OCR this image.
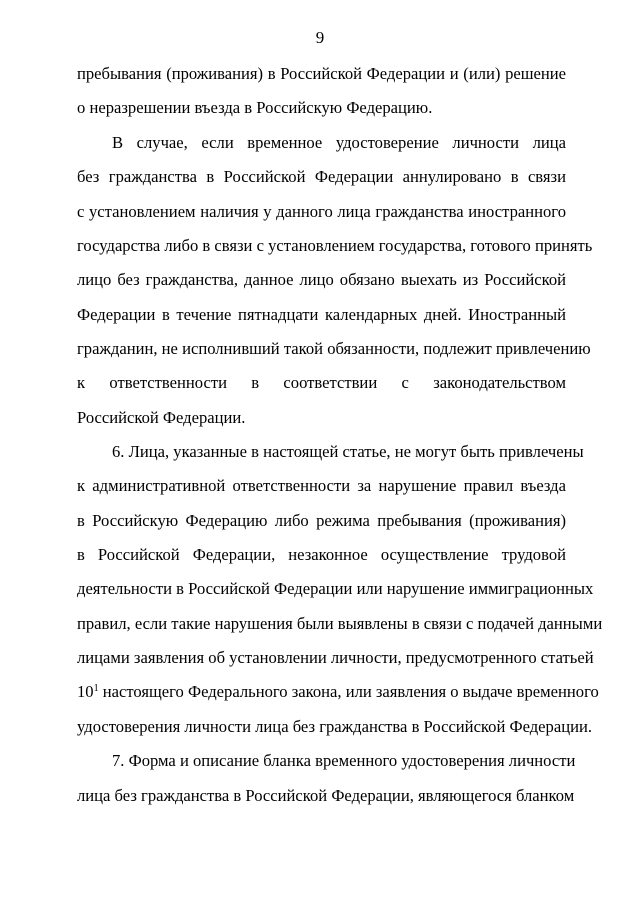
9
пребывания (проживания) в Российской Федерации и (или) решение
о неразрешении въезда в Российскую Федерацию.
В случае, если временное удостоверение личности лица
без гражданства в Российской Федерации аннулировано в связи
с установлением наличия у данного лица гражданства иностранного
государства либо в связи с установлением государства, готового принять
лицо без гражданства, данное лицо обязано выехать из Российской
Федерации в течение пятнадцати календарных дней. Иностранный
гражданин, не исполнивший такой обязанности, подлежит привлечению
к ответственности в соответствии с законодательством
Российской Федерации.
6. Лица, указанные в настоящей статье, не могут быть привлечены
к административной ответственности за нарушение правил въезда
в Российскую Федерацию либо режима пребывания (проживания)
в Российской Федерации, незаконное осуществление трудовой
деятельности в Российской Федерации или нарушение иммиграционных
правил, если такие нарушения были выявлены в связи с подачей данными
лицами заявления об установлении личности, предусмотренного статьей
$10^1$ настоящего Федерального закона, или заявления о выдаче временного
удостоверения личности лица без гражданства в Российской Федерации.
7. Форма и описание бланка временного удостоверения личности
лица без гражданства в Российской Федерации, являющегося бланком
